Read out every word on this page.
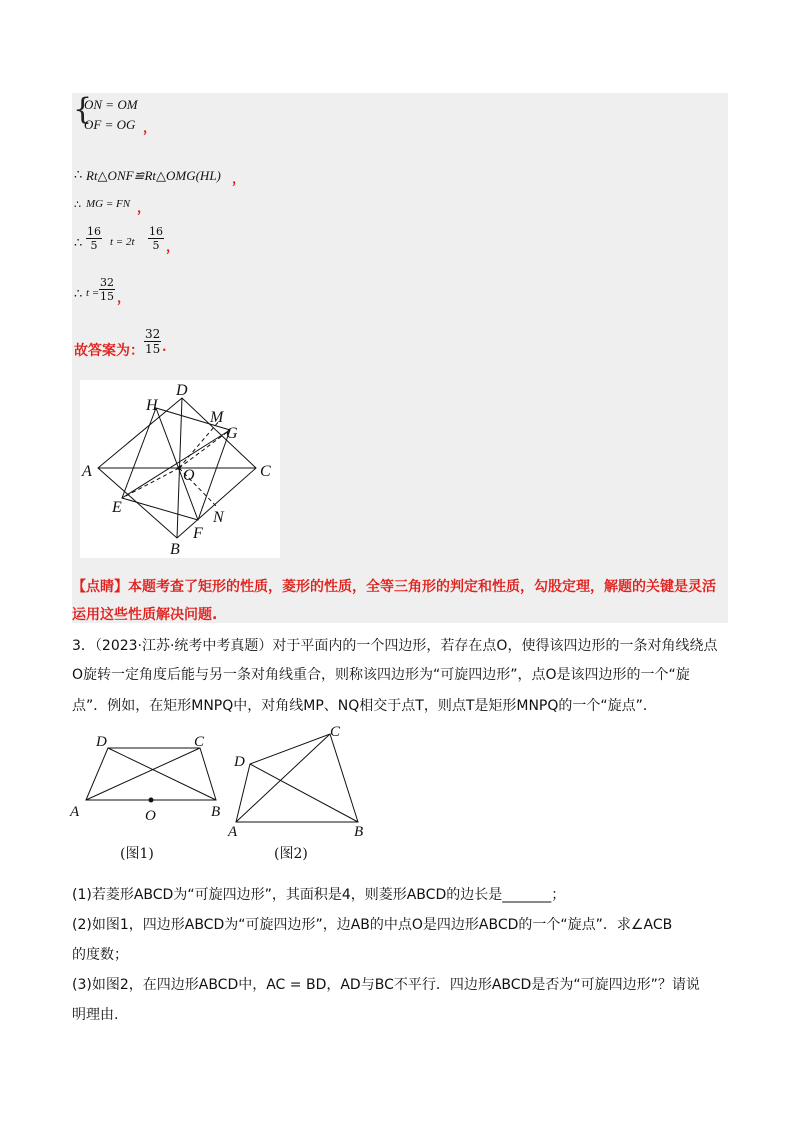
{
ON = OM
OF = OG ，
∴ Rt△ONF≌Rt△OMG(HL) ，
∴ MG = FN ，
∴ $\frac{16}{5}$ $t = 2t \frac{16}{5}$ ，
∴ $t = \frac{32}{15}$ ，
故答案为： $\frac{32}{15}$ .
A
B
C
D
E
F
G
H
M
N
O
【点睛】本题考查了矩形的性质，菱形的性质，全等三角形的判定和性质，勾股定理，解题的关键是灵活
运用这些性质解决问题.
3．（2023·江苏·统考中考真题）对于平面内的一个四边形，若存在点O，使得该四边形的一条对角线绕点
O旋转一定角度后能与另一条对角线重合，则称该四边形为“可旋四边形”，点O是该四边形的一个“旋
点”．例如，在矩形MNPQ中，对角线MP、NQ相交于点T，则点T是矩形MNPQ的一个“旋点”．
A	B
C
D
O
(图1)
A	B
C
D
(图2)
(1)若菱形ABCD为“可旋四边形”，其面积是4，则菱形ABCD的边长是_______；
(2)如图1，四边形ABCD为“可旋四边形”，边AB的中点O是四边形ABCD的一个“旋点”．求∠ACB
的度数；
(3)如图2，在四边形ABCD中，AC = BD，AD与BC不平行．四边形ABCD是否为“可旋四边形”？请说
明理由.
